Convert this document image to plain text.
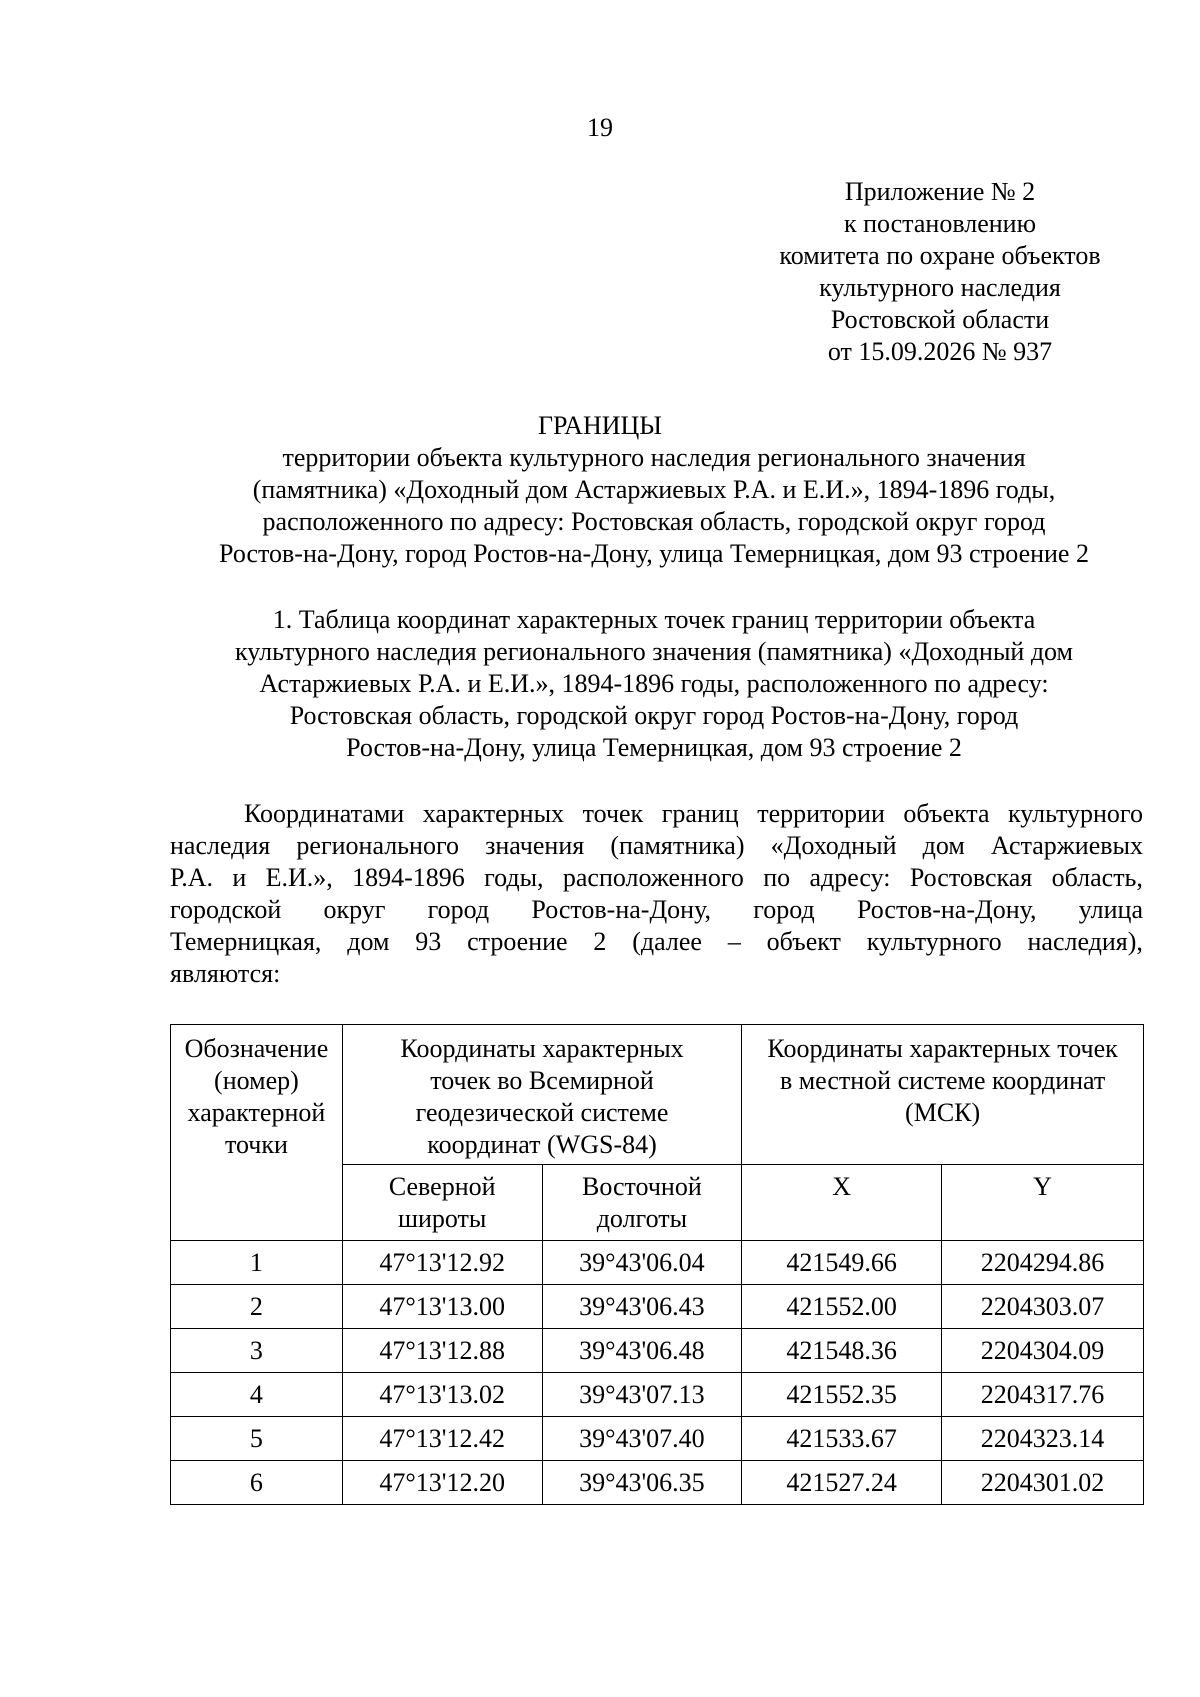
19
Приложение № 2
к постановлению
комитета по охране объектов
культурного наследия
Ростовской области
от 15.09.2026 № 937
ГРАНИЦЫ
территории объекта культурного наследия регионального значения
(памятника) «Доходный дом Астаржиевых Р.А. и Е.И.», 1894-1896 годы,
расположенного по адресу: Ростовская область, городской округ город
Ростов-на-Дону, город Ростов-на-Дону, улица Темерницкая, дом 93 строение 2
1. Таблица координат характерных точек границ территории объекта
культурного наследия регионального значения (памятника) «Доходный дом
Астаржиевых Р.А. и Е.И.», 1894-1896 годы, расположенного по адресу:
Ростовская область, городской округ город Ростов-на-Дону, город
Ростов-на-Дону, улица Темерницкая, дом 93 строение 2
Координатами характерных точек границ территории объекта культурного
наследия регионального значения (памятника) «Доходный дом Астаржиевых
Р.А. и Е.И.», 1894-1896 годы, расположенного по адресу: Ростовская область,
городской округ город Ростов-на-Дону, город Ростов-на-Дону, улица
Темерницкая, дом 93 строение 2 (далее – объект культурного наследия),
являются:
Обозначение
(номер)
характерной
точки	Координаты характерных
точек во Всемирной
геодезической системе
координат (WGS-84)		Координаты характерных точек
в местной системе координат
(МСК)	

	Северной
широты	Восточной
долготы	X	Y
1	47°13'12.92	39°43'06.04	421549.66	2204294.86
2	47°13'13.00	39°43'06.43	421552.00	2204303.07
3	47°13'12.88	39°43'06.48	421548.36	2204304.09
4	47°13'13.02	39°43'07.13	421552.35	2204317.76
5	47°13'12.42	39°43'07.40	421533.67	2204323.14
6	47°13'12.20	39°43'06.35	421527.24	2204301.02
